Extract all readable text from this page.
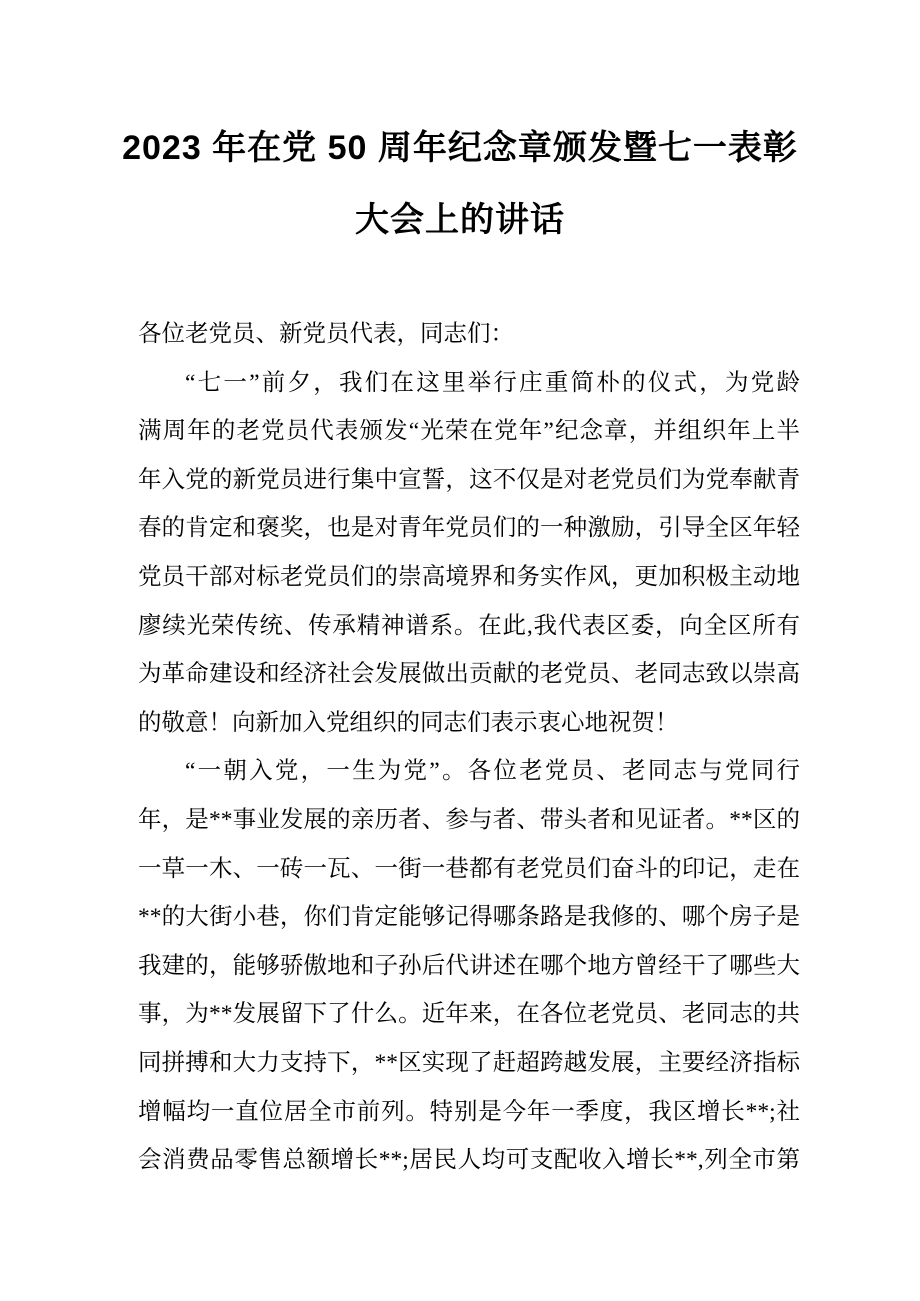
2023 年在党 50 周年纪念章颁发暨七一表彰
大会上的讲话
各位老党员、新党员代表，同志们：
“七一”前夕，我们在这里举行庄重简朴的仪式，为党龄
满周年的老党员代表颁发“光荣在党年”纪念章，并组织年上半
年入党的新党员进行集中宣誓，这不仅是对老党员们为党奉献青
春的肯定和褒奖，也是对青年党员们的一种激励，引导全区年轻
党员干部对标老党员们的崇高境界和务实作风，更加积极主动地
廖续光荣传统、传承精神谱系。在此,我代表区委，向全区所有
为革命建设和经济社会发展做出贡献的老党员、老同志致以崇高
的敬意！向新加入党组织的同志们表示衷心地祝贺！
“一朝入党，一生为党”。各位老党员、老同志与党同行
年，是**事业发展的亲历者、参与者、带头者和见证者。**区的
一草一木、一砖一瓦、一街一巷都有老党员们奋斗的印记，走在
**的大街小巷，你们肯定能够记得哪条路是我修的、哪个房子是
我建的，能够骄傲地和子孙后代讲述在哪个地方曾经干了哪些大
事，为**发展留下了什么。近年来，在各位老党员、老同志的共
同拼搏和大力支持下，**区实现了赶超跨越发展，主要经济指标
增幅均一直位居全市前列。特别是今年一季度，我区增长**;社
会消费品零售总额增长**;居民人均可支配收入增长**,列全市第
